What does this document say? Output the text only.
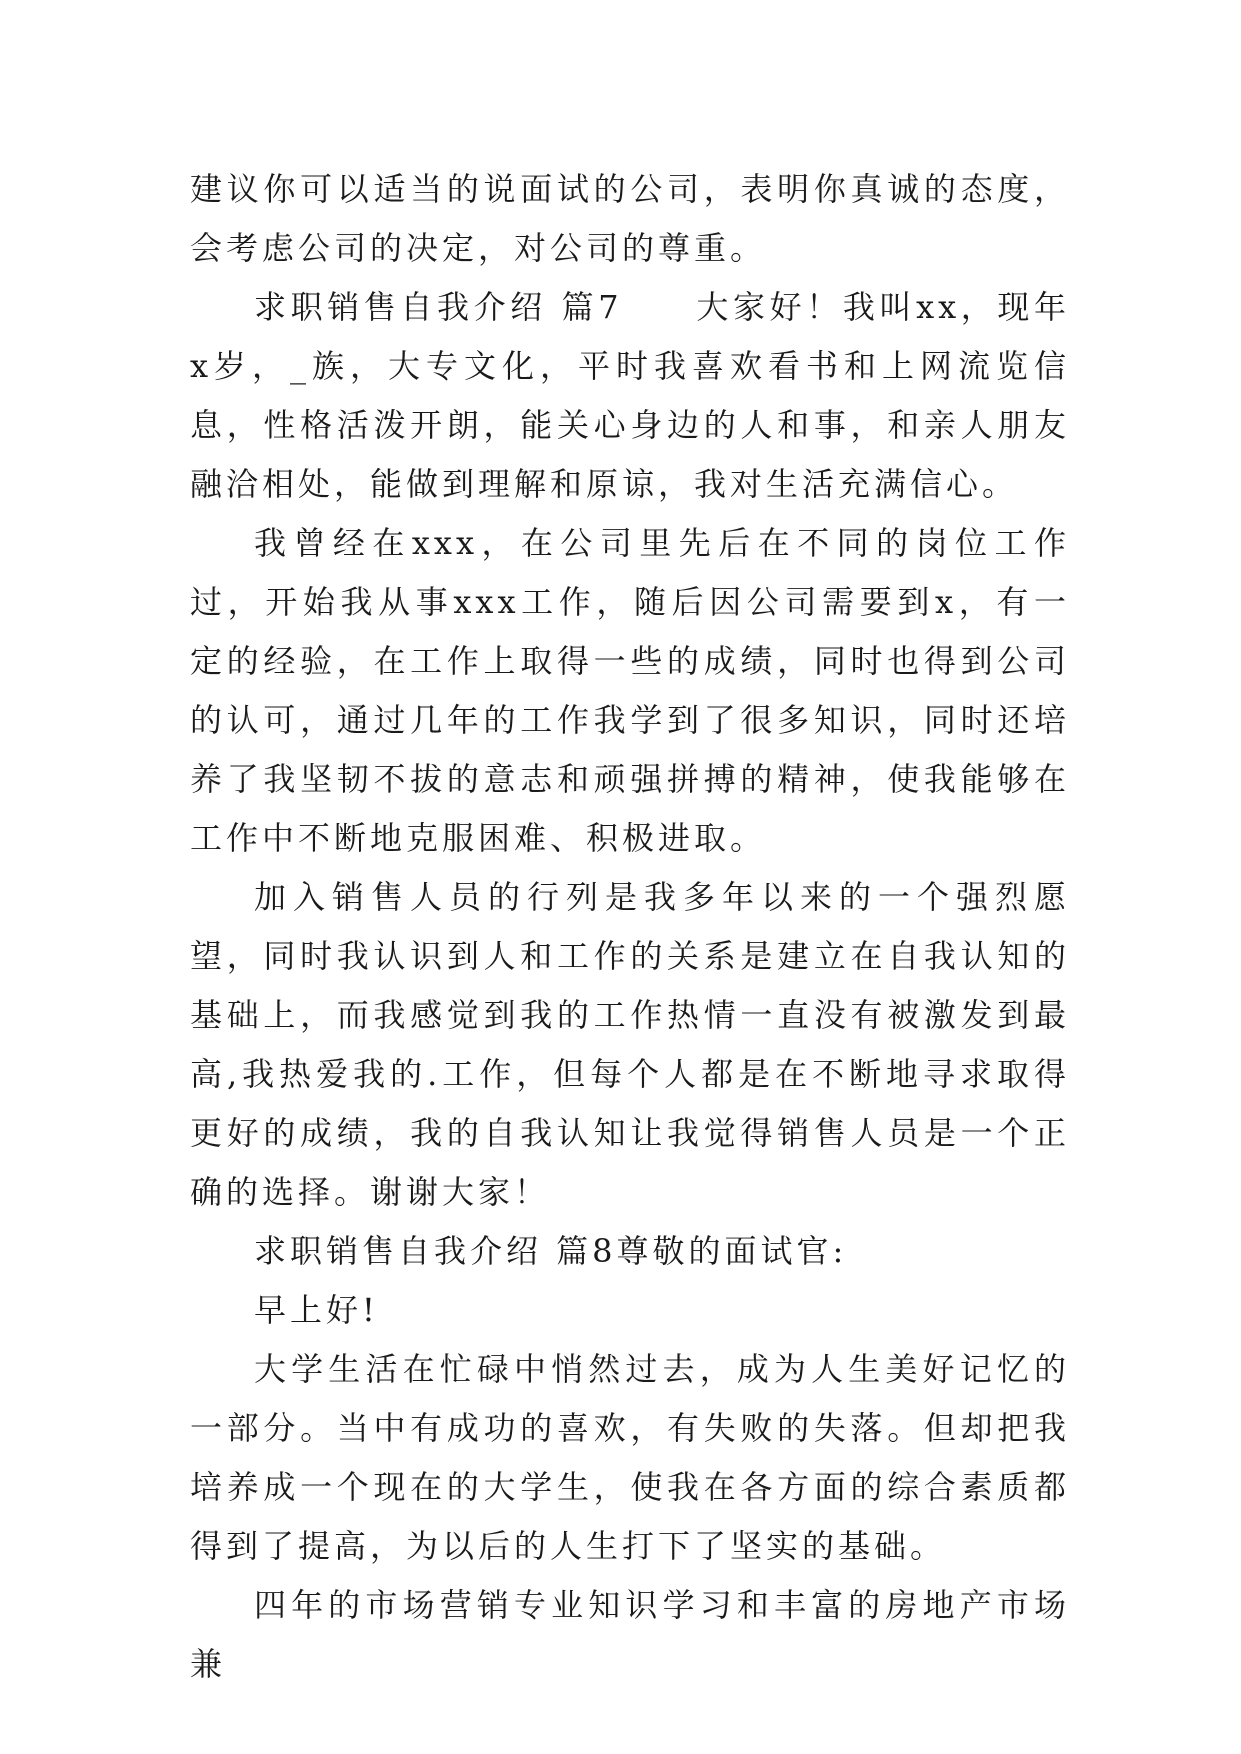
建议你可以适当的说面试的公司，表明你真诚的态度，会考虑公司的决定，对公司的尊重。

求职销售自我介绍 篇7　　大家好！我叫xx，现年x岁，_族，大专文化，平时我喜欢看书和上网流览信息，性格活泼开朗，能关心身边的人和事，和亲人朋友融洽相处，能做到理解和原谅，我对生活充满信心。

我曾经在xxx，在公司里先后在不同的岗位工作过，开始我从事xxx工作，随后因公司需要到x，有一定的经验，在工作上取得一些的成绩，同时也得到公司的认可，通过几年的工作我学到了很多知识，同时还培养了我坚韧不拔的意志和顽强拼搏的精神，使我能够在工作中不断地克服困难、积极进取。

加入销售人员的行列是我多年以来的一个强烈愿望，同时我认识到人和工作的关系是建立在自我认知的基础上，而我感觉到我的工作热情一直没有被激发到最高,我热爱我的.工作，但每个人都是在不断地寻求取得更好的成绩，我的自我认知让我觉得销售人员是一个正确的选择。谢谢大家！

求职销售自我介绍 篇8尊敬的面试官:

早上好!

大学生活在忙碌中悄然过去，成为人生美好记忆的一部分。当中有成功的喜欢，有失败的失落。但却把我培养成一个现在的大学生，使我在各方面的综合素质都得到了提高，为以后的人生打下了坚实的基础。

四年的市场营销专业知识学习和丰富的房地产市场兼
